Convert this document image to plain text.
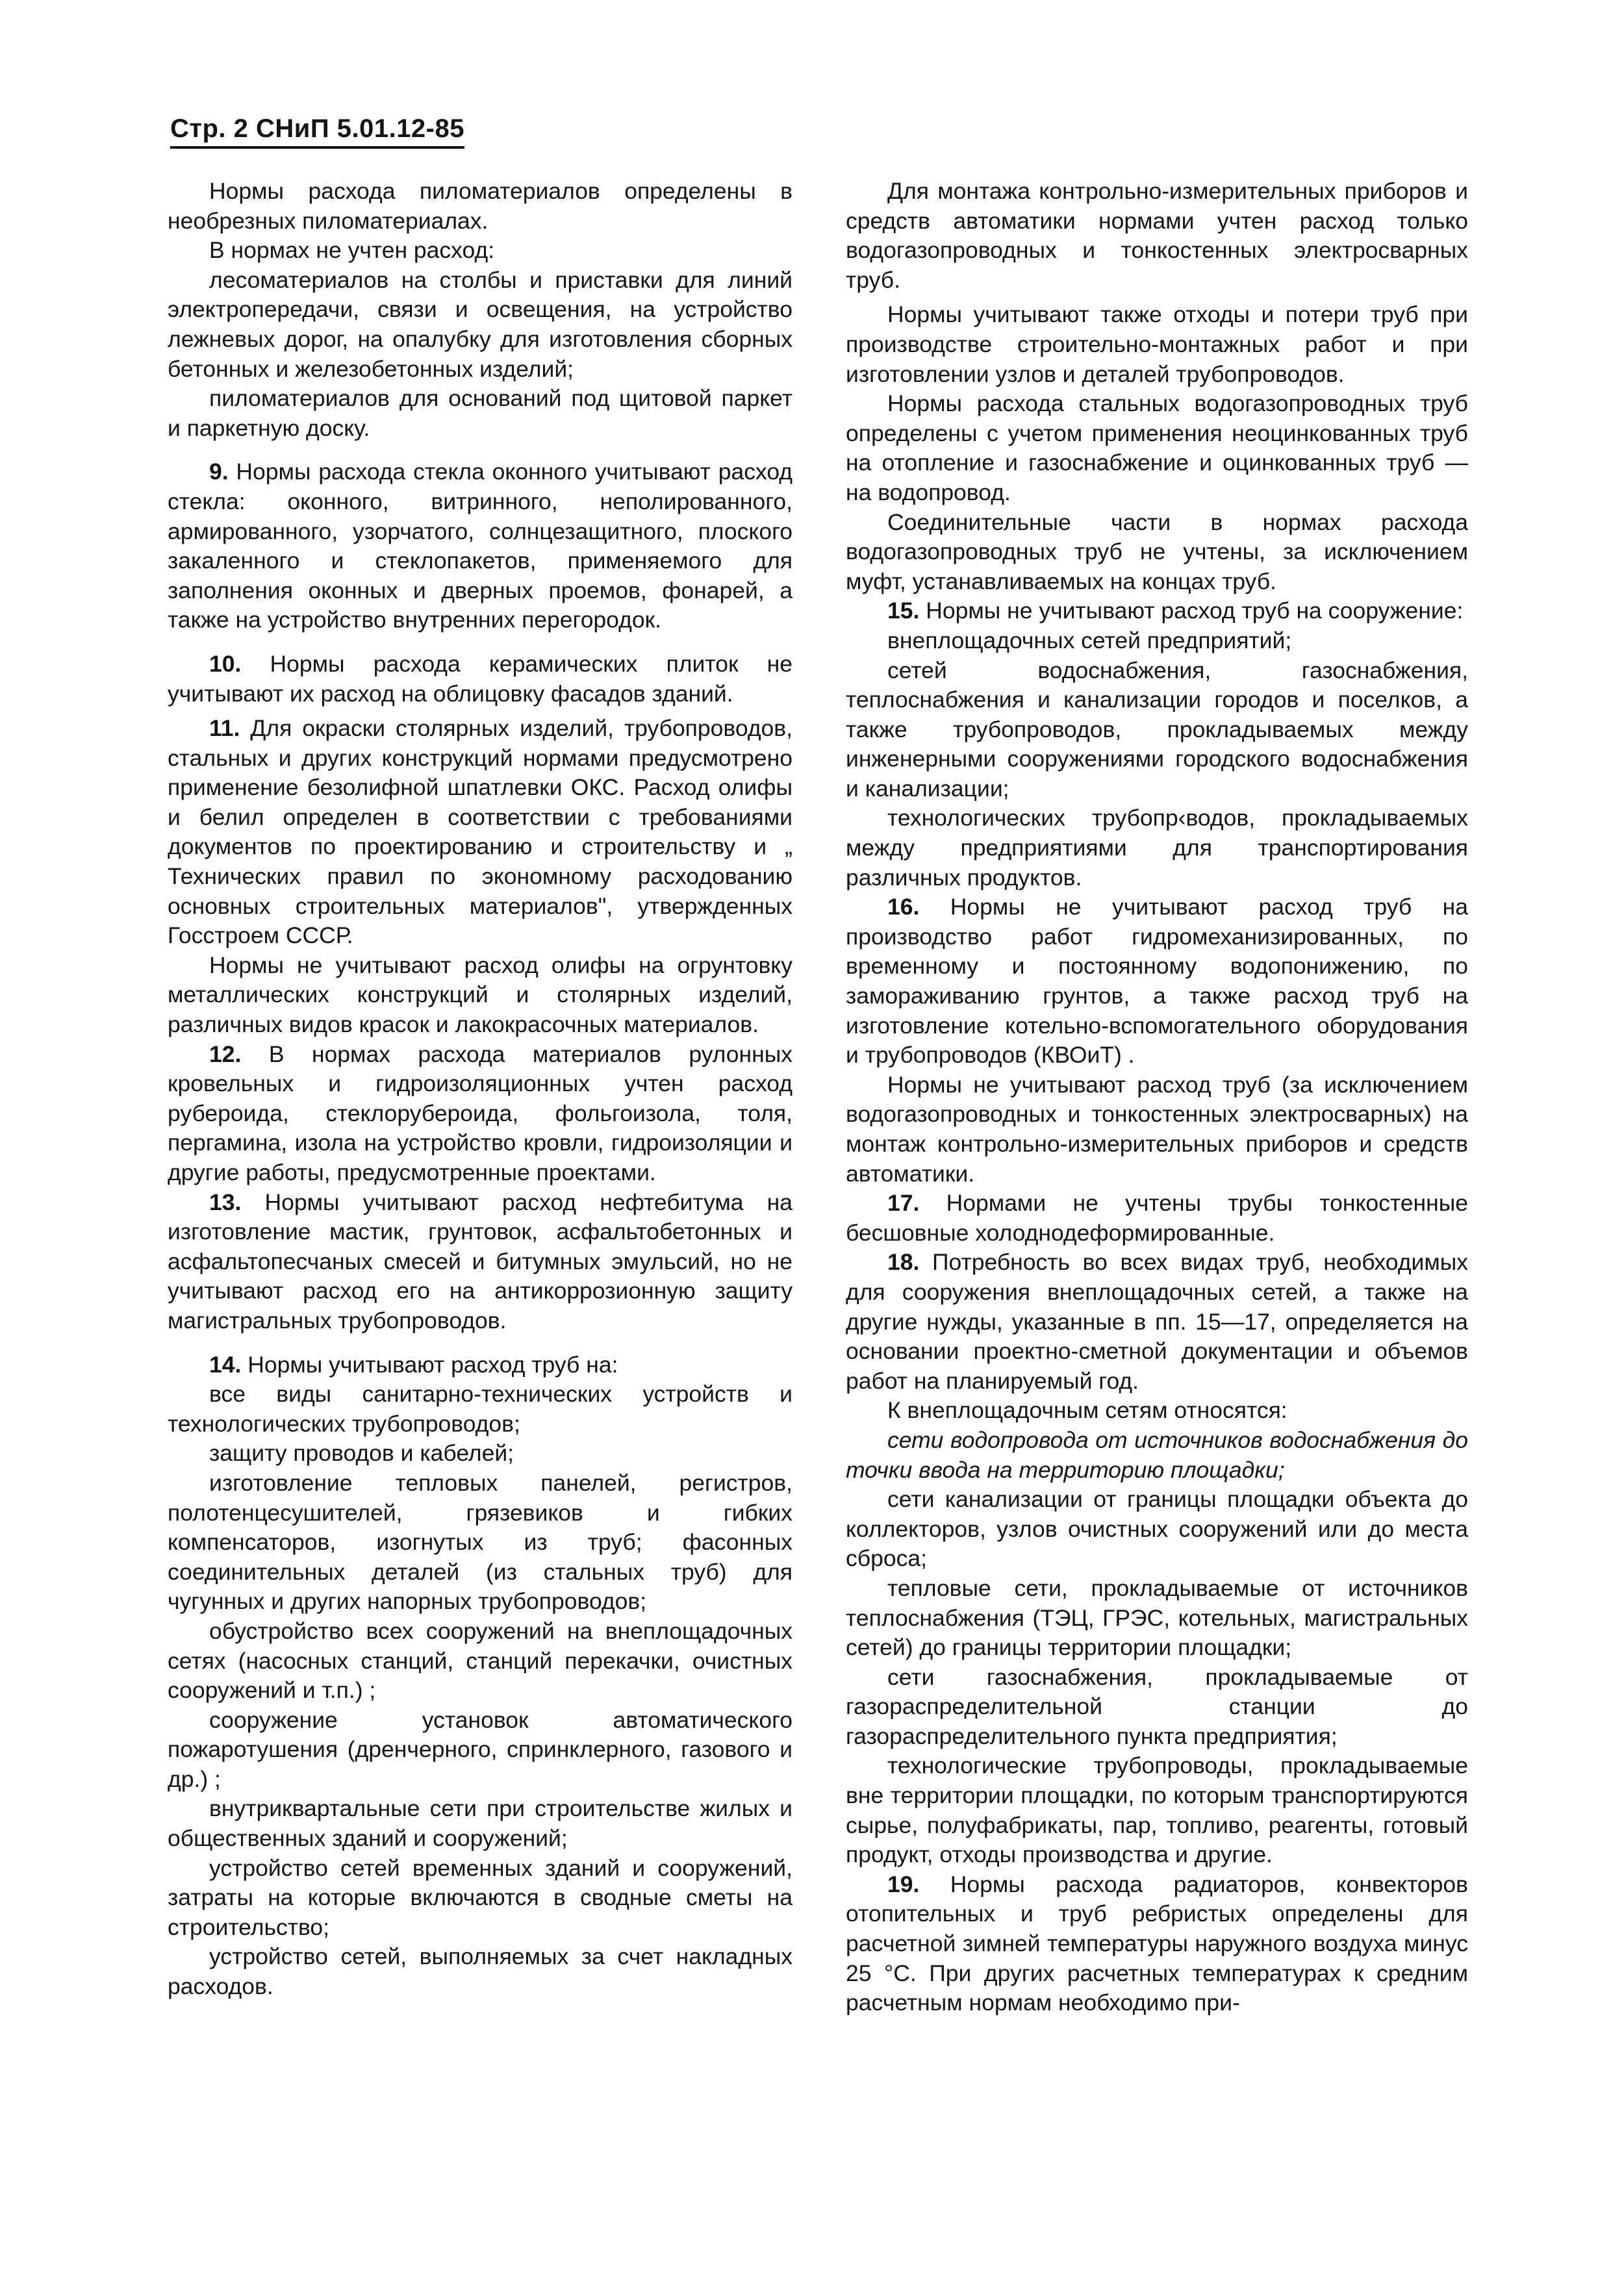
Стр. 2 СНиП 5.01.12-85

Нормы расхода пиломатериалов определены в необрезных пиломатериалах.

В нормах не учтен расход:

лесоматериалов на столбы и приставки для линий электропередачи, связи и освещения, на устройство лежневых дорог, на опалубку для изготовления сборных бетонных и железобетонных изделий;

пиломатериалов для оснований под щитовой паркет и паркетную доску.

9. Нормы расхода стекла оконного учитывают расход стекла: оконного, витринного, неполированного, армированного, узорчатого, солнцезащитного, плоского закаленного и стеклопакетов, применяемого для заполнения оконных и дверных проемов, фонарей, а также на устройство внутренних перегородок.

10. Нормы расхода керамических плиток не учитывают их расход на облицовку фасадов зданий.

11. Для окраски столярных изделий, трубопроводов, стальных и других конструкций нормами предусмотрено применение безолифной шпатлевки ОКС. Расход олифы и белил определен в соответствии с требованиями документов по проектированию и строительству и „ Технических правил по экономному расходованию основных строительных материалов", утвержденных Госстроем СССР.

Нормы не учитывают расход олифы на огрунтовку металлических конструкций и столярных изделий, различных видов красок и лакокрасочных материалов.

12. В нормах расхода материалов рулонных кровельных и гидроизоляционных учтен расход рубероида, стеклорубероида, фольгоизола, толя, пергамина, изола на устройство кровли, гидроизоляции и другие работы, предусмотренные проектами.

13. Нормы учитывают расход нефтебитума на изготовление мастик, грунтовок, асфальтобетонных и асфальтопесчаных смесей и битумных эмульсий, но не учитывают расход его на антикоррозионную защиту магистральных трубопроводов.

14. Нормы учитывают расход труб на:

все виды санитарно-технических устройств и технологических трубопроводов;

защиту проводов и кабелей;

изготовление тепловых панелей, регистров, полотенцесушителей, грязевиков и гибких компенсаторов, изогнутых из труб; фасонных соединительных деталей (из стальных труб) для чугунных и других напорных трубопроводов;

обустройство всех сооружений на внеплощадочных сетях (насосных станций, станций перекачки, очистных сооружений и т.п.) ;

сооружение установок автоматического пожаротушения (дренчерного, спринклерного, газового и др.) ;

внутриквартальные сети при строительстве жилых и общественных зданий и сооружений;

устройство сетей временных зданий и сооружений, затраты на которые включаются в сводные сметы на строительство;

устройство сетей, выполняемых за счет накладных расходов.

Для монтажа контрольно-измерительных приборов и средств автоматики нормами учтен расход только водогазопроводных и тонкостенных электросварных труб.

Нормы учитывают также отходы и потери труб при производстве строительно-монтажных работ и при изготовлении узлов и деталей трубопроводов.

Нормы расхода стальных водогазопроводных труб определены с учетом применения неоцинкованных труб на отопление и газоснабжение и оцинкованных труб — на водопровод.

Соединительные части в нормах расхода водогазопроводных труб не учтены, за исключением муфт, устанавливаемых на концах труб.

15. Нормы не учитывают расход труб на сооружение:

внеплощадочных сетей предприятий;

сетей водоснабжения, газоснабжения, теплоснабжения и канализации городов и поселков, а также трубопроводов, прокладываемых между инженерными сооружениями городского водоснабжения и канализации;

технологических трубопр‹водов, прокладываемых между предприятиями для транспортирования различных продуктов.

16. Нормы не учитывают расход труб на производство работ гидромеханизированных, по временному и постоянному водопонижению, по замораживанию грунтов, а также расход труб на изготовление котельно-вспомогательного оборудования и трубопроводов (КВОиТ) .

Нормы не учитывают расход труб (за исключением водогазопроводных и тонкостенных электросварных) на монтаж контрольно-измерительных приборов и средств автоматики.

17. Нормами не учтены трубы тонкостенные бесшовные холоднодеформированные.

18. Потребность во всех видах труб, необходимых для сооружения внеплощадочных сетей, а также на другие нужды, указанные в пп. 15—17, определяется на основании проектно-сметной документации и объемов работ на планируемый год.

К внеплощадочным сетям относятся:

сети водопровода от источников водоснабжения до точки ввода на территорию площадки;

сети канализации от границы площадки объекта до коллекторов, узлов очистных сооружений или до места сброса;

тепловые сети, прокладываемые от источников теплоснабжения (ТЭЦ, ГРЭС, котельных, магистральных сетей) до границы территории площадки;

сети газоснабжения, прокладываемые от газораспределительной станции до газораспределительного пункта предприятия;

технологические трубопроводы, прокладываемые вне территории площадки, по которым транспортируются сырье, полуфабрикаты, пар, топливо, реагенты, готовый продукт, отходы производства и другие.

19. Нормы расхода радиаторов, конвекторов отопительных и труб ребристых определены для расчетной зимней температуры наружного воздуха минус 25 °С. При других расчетных температурах к средним расчетным нормам необходимо при-
